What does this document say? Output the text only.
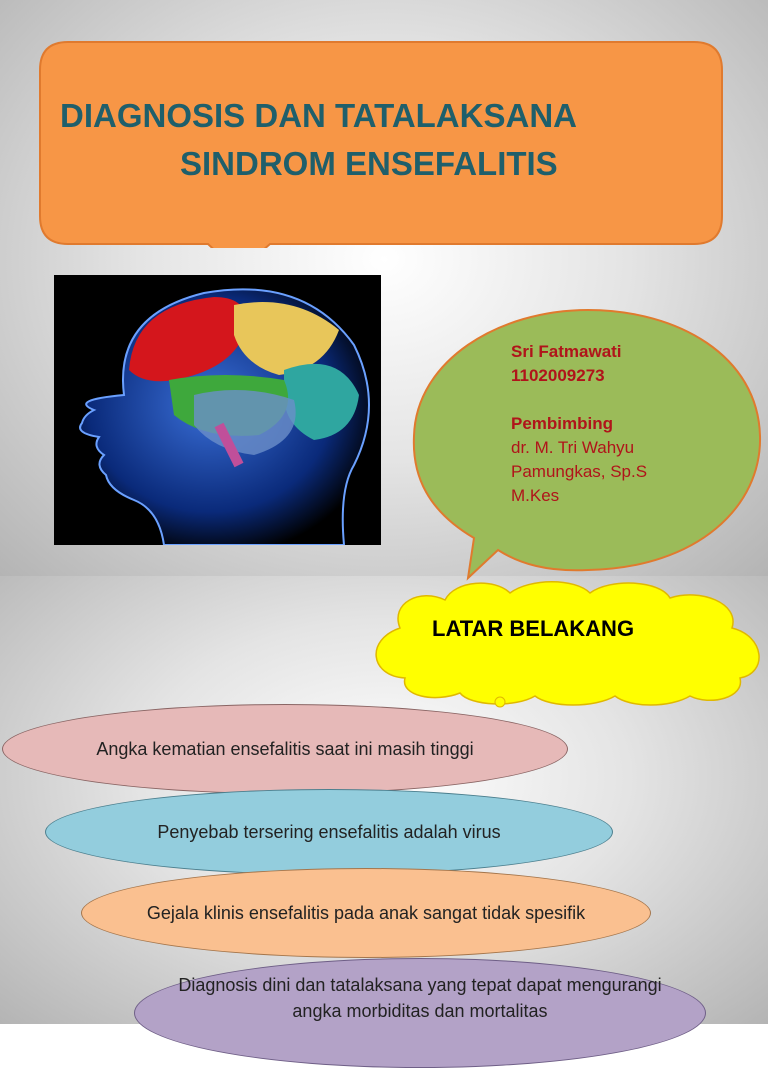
DIAGNOSIS DAN TATALAKSANA
SINDROM ENSEFALITIS
Sri Fatmawati
1102009273
Pembimbing
dr. M. Tri Wahyu
Pamungkas, Sp.S
M.Kes
LATAR BELAKANG
Angka kematian ensefalitis saat ini masih tinggi
Penyebab tersering ensefalitis adalah virus
Gejala klinis ensefalitis pada anak sangat tidak spesifik
Diagnosis dini dan tatalaksana yang tepat dapat mengurangi angka morbiditas dan mortalitas
